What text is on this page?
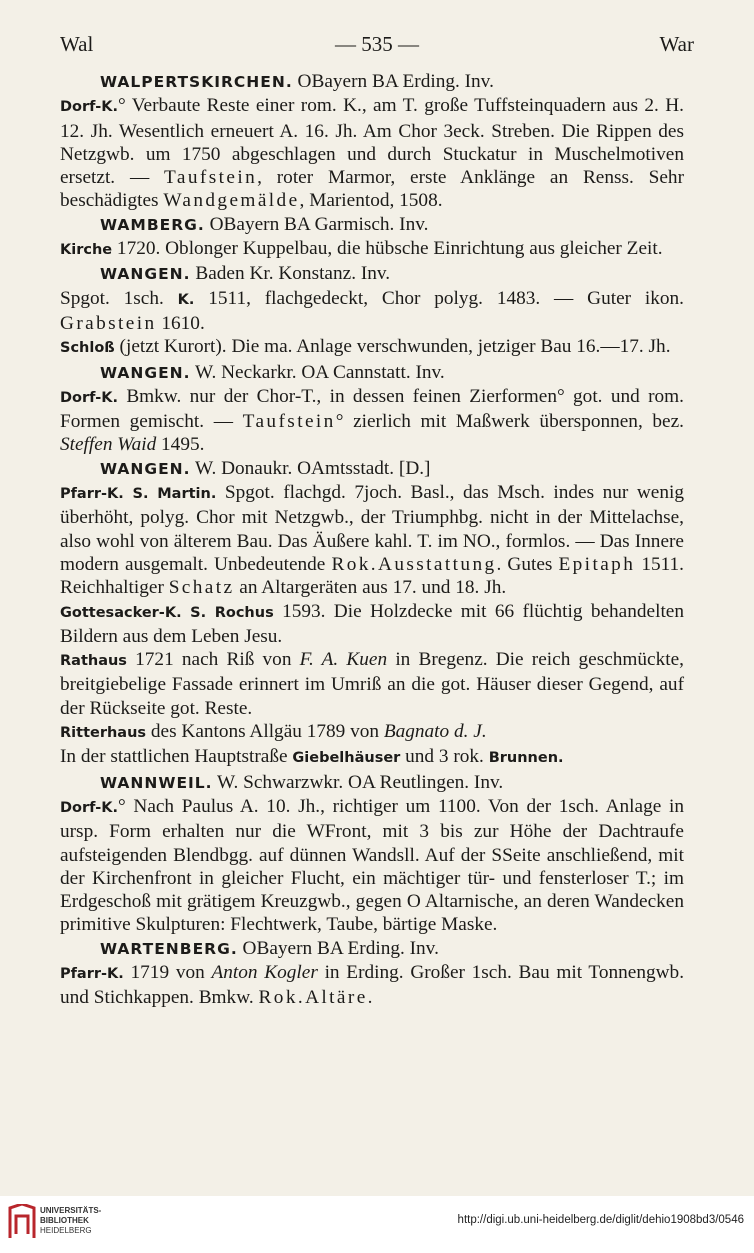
Wal	— 535 —	War

WALPERTSKIRCHEN. OBayern BA Erding. Inv.

Dorf-K.° Verbaute Reste einer rom. K., am T. große Tuffsteinquadern aus 2. H. 12. Jh. Wesentlich erneuert A. 16. Jh. Am Chor 3eck. Streben. Die Rippen des Netzgwb. um 1750 abgeschlagen und durch Stuckatur in Muschelmotiven ersetzt. — Taufstein, roter Marmor, erste Anklänge an Renss. Sehr beschädigtes Wandgemälde, Marientod, 1508.

WAMBERG. OBayern BA Garmisch. Inv.

Kirche 1720. Oblonger Kuppelbau, die hübsche Einrichtung aus gleicher Zeit.

WANGEN. Baden Kr. Konstanz. Inv.

Spgot. 1sch. K. 1511, flachgedeckt, Chor polyg. 1483. — Guter ikon. Grabstein 1610.

Schloß (jetzt Kurort). Die ma. Anlage verschwunden, jetziger Bau 16.—17. Jh.

WANGEN. W. Neckarkr. OA Cannstatt. Inv.

Dorf-K. Bmkw. nur der Chor-T., in dessen feinen Zierformen° got. und rom. Formen gemischt. — Taufstein° zierlich mit Maßwerk übersponnen, bez. Steffen Waid 1495.

WANGEN. W. Donaukr. OAmtsstadt. [D.]

Pfarr-K. S. Martin. Spgot. flachgd. 7joch. Basl., das Msch. indes nur wenig überhöht, polyg. Chor mit Netzgwb., der Triumphbg. nicht in der Mittelachse, also wohl von älterem Bau. Das Äußere kahl. T. im NO., formlos. — Das Innere modern ausgemalt. Unbedeutende Rok.Ausstattung. Gutes Epitaph 1511. Reichhaltiger Schatz an Altargeräten aus 17. und 18. Jh.

Gottesacker-K. S. Rochus 1593. Die Holzdecke mit 66 flüchtig behandelten Bildern aus dem Leben Jesu.

Rathaus 1721 nach Riß von F. A. Kuen in Bregenz. Die reich geschmückte, breitgiebelige Fassade erinnert im Umriß an die got. Häuser dieser Gegend, auf der Rückseite got. Reste.

Ritterhaus des Kantons Allgäu 1789 von Bagnato d. J.

In der stattlichen Hauptstraße Giebelhäuser und 3 rok. Brunnen.

WANNWEIL. W. Schwarzwkr. OA Reutlingen. Inv.

Dorf-K.° Nach Paulus A. 10. Jh., richtiger um 1100. Von der 1sch. Anlage in ursp. Form erhalten nur die WFront, mit 3 bis zur Höhe der Dachtraufe aufsteigenden Blendbgg. auf dünnen Wandsll. Auf der SSeite anschließend, mit der Kirchenfront in gleicher Flucht, ein mächtiger tür- und fensterloser T.; im Erdgeschoß mit grätigem Kreuzgwb., gegen O Altarnische, an deren Wandecken primitive Skulpturen: Flechtwerk, Taube, bärtige Maske.

WARTENBERG. OBayern BA Erding. Inv.

Pfarr-K. 1719 von Anton Kogler in Erding. Großer 1sch. Bau mit Tonnengwb. und Stichkappen. Bmkw. Rok.Altäre.

UNIVERSITÄTS-
BIBLIOTHEK
HEIDELBERG
http://digi.ub.uni-heidelberg.de/diglit/dehio1908bd3/0546
